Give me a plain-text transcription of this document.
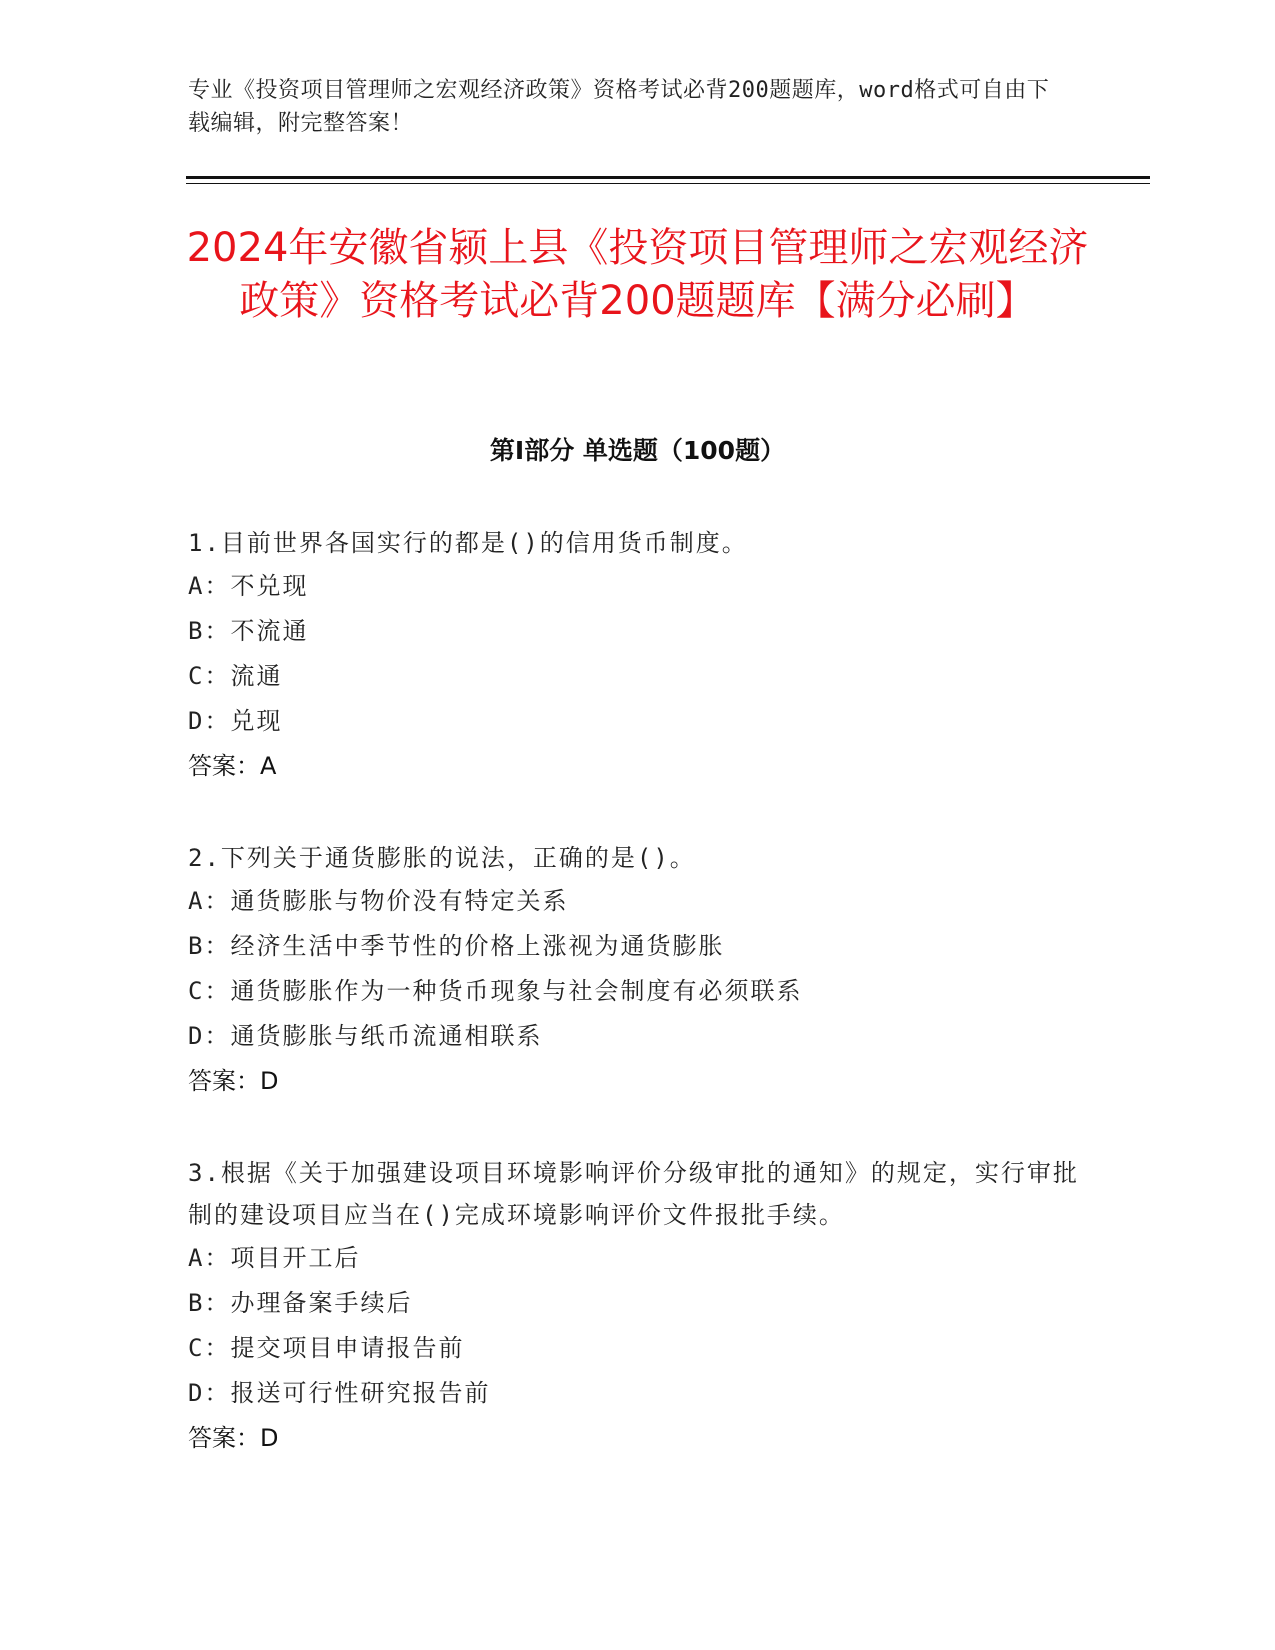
专业《投资项目管理师之宏观经济政策》资格考试必背200题题库，word格式可自由下载编辑，附完整答案！

2024年安徽省颍上县《投资项目管理师之宏观经济政策》资格考试必背200题题库【满分必刷】
第Ⅰ部分 单选题（100题）

1.目前世界各国实行的都是()的信用货币制度。

A：不兑现

B：不流通

C：流通

D：兑现

答案：A

2.下列关于通货膨胀的说法，正确的是()。

A：通货膨胀与物价没有特定关系

B：经济生活中季节性的价格上涨视为通货膨胀

C：通货膨胀作为一种货币现象与社会制度有必须联系

D：通货膨胀与纸币流通相联系

答案：D

3.根据《关于加强建设项目环境影响评价分级审批的通知》的规定，实行审批制的建设项目应当在()完成环境影响评价文件报批手续。

A：项目开工后

B：办理备案手续后

C：提交项目申请报告前

D：报送可行性研究报告前

答案：D
